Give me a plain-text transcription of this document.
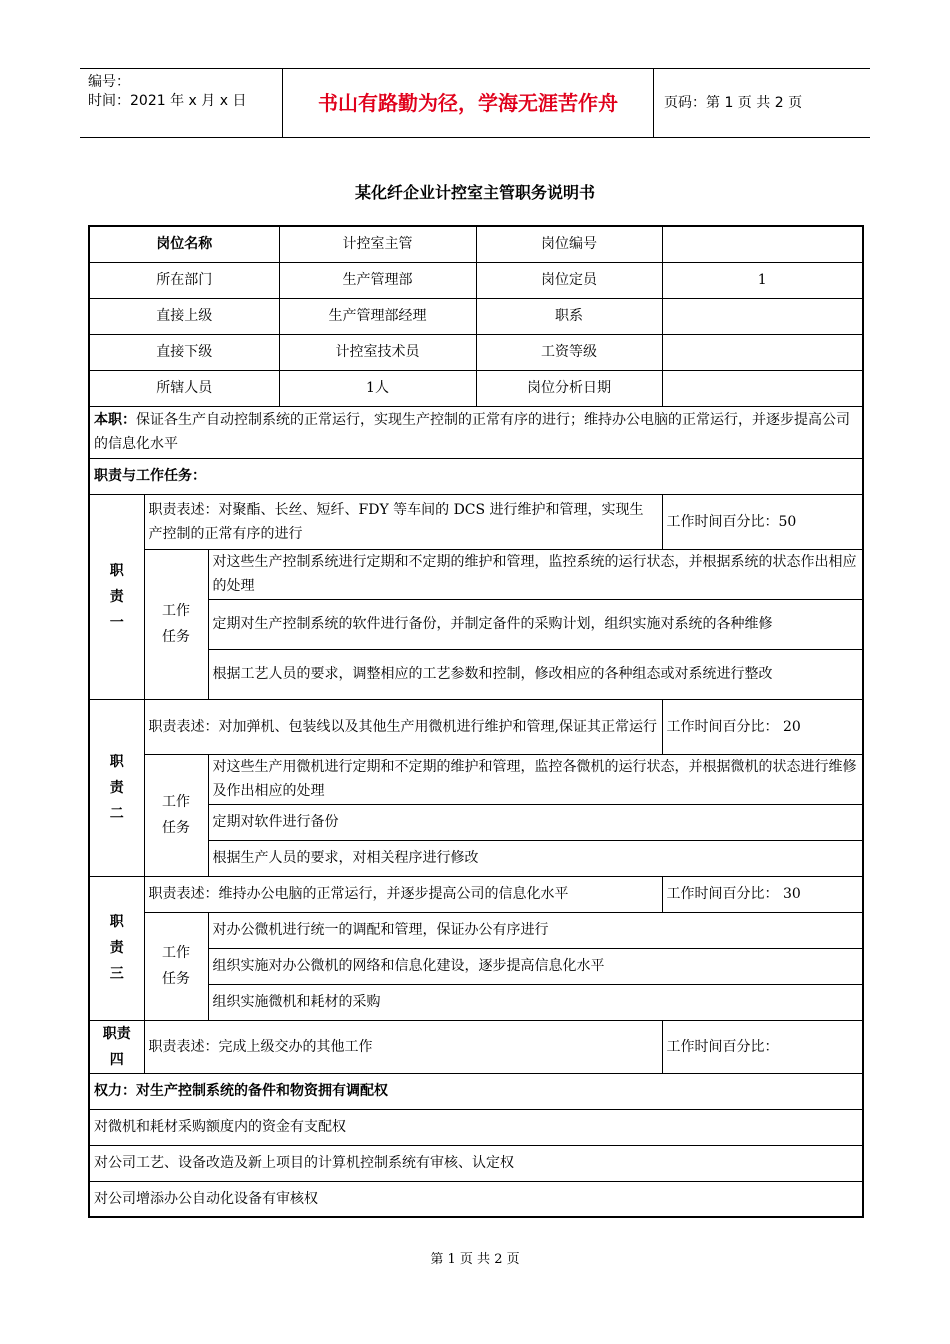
编号：
时间：2021 年 x 月 x 日	书山有路勤为径，学海无涯苦作舟	页码：第 1 页 共 2 页
某化纤企业计控室主管职务说明书
岗位名称			计控室主管	岗位编号	
所在部门			生产管理部	岗位定员	1
直接上级			生产管理部经理	职系	
直接下级			计控室技术员	工资等级	
所辖人员			1人	岗位分析日期	
本职：保证各生产自动控制系统的正常运行，实现生产控制的正常有序的进行；维持办公电脑的正常运行，并逐步提高公司的信息化水平					
职责与工作任务：					

职责一	职责表述：对聚酯、长丝、短纤、FDY 等车间的 DCS 进行维护和管理，实现生产控制的正常有序的进行				工作时间百分比：50

	工作任务	对这些生产控制系统进行定期和不定期的维护和管理，监控系统的运行状态，并根据系统的状态作出相应的处理			
		定期对生产控制系统的软件进行备份，并制定备件的采购计划，组织实施对系统的各种维修			
		根据工艺人员的要求，调整相应的工艺参数和控制，修改相应的各种组态或对系统进行整改			

职责二	职责表述：对加弹机、包装线以及其他生产用微机进行维护和管理,保证其正常运行				工作时间百分比： 20

	工作任务	对这些生产用微机进行定期和不定期的维护和管理，监控各微机的运行状态，并根据微机的状态进行维修及作出相应的处理			
		定期对软件进行备份			
		根据生产人员的要求，对相关程序进行修改			

职责三	职责表述：维持办公电脑的正常运行，并逐步提高公司的信息化水平				工作时间百分比： 30

	工作任务	对办公微机进行统一的调配和管理，保证办公有序进行			
		组织实施对办公微机的网络和信息化建设，逐步提高信息化水平			
		组织实施微机和耗材的采购			

职责四	职责表述：完成上级交办的其他工作				工作时间百分比：
权力：对生产控制系统的备件和物资拥有调配权					
对微机和耗材采购额度内的资金有支配权					
对公司工艺、设备改造及新上项目的计算机控制系统有审核、认定权					
对公司增添办公自动化设备有审核权					
第 1 页 共 2 页
